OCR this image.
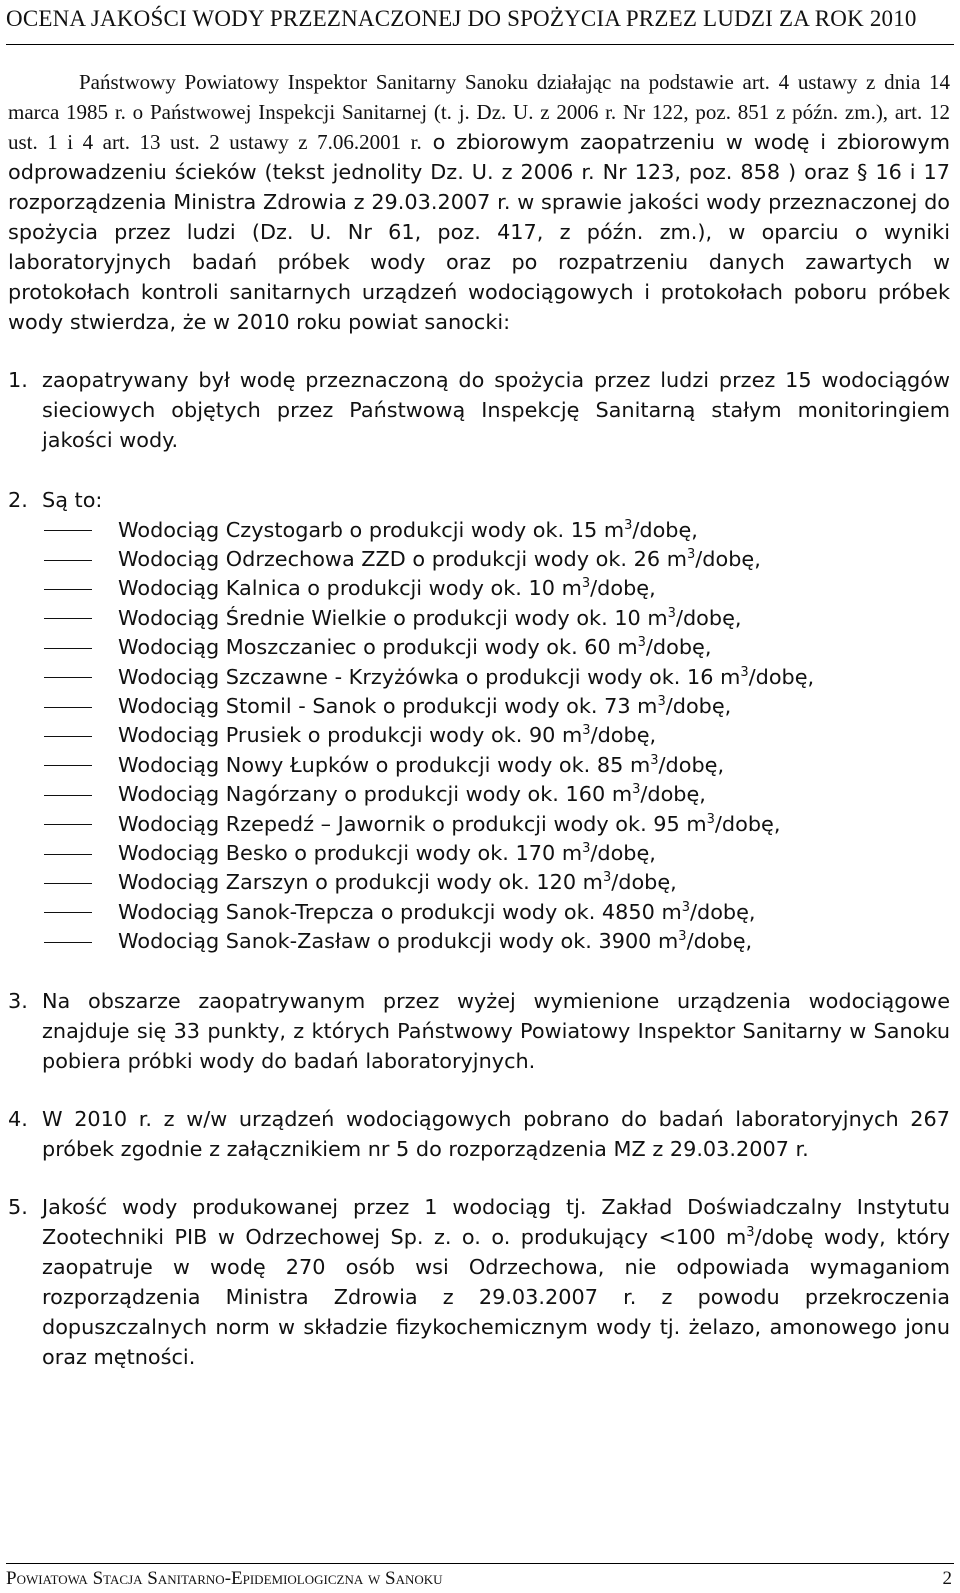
OCENA JAKOŚCI WODY PRZEZNACZONEJ DO SPOŻYCIA PRZEZ LUDZI ZA ROK 2010

Państwowy Powiatowy Inspektor Sanitarny Sanoku działając na podstawie art. 4 ustawy z dnia 14 marca 1985 r. o Państwowej Inspekcji Sanitarnej (t. j. Dz. U. z 2006 r. Nr 122, poz. 851 z późn. zm.), art. 12 ust. 1 i 4 art. 13 ust. 2 ustawy z 7.06.2001 r. o zbiorowym zaopatrzeniu w wodę i zbiorowym odprowadzeniu ścieków (tekst jednolity Dz. U. z 2006 r. Nr 123, poz. 858 ) oraz § 16 i 17 rozporządzenia Ministra Zdrowia z 29.03.2007 r. w sprawie jakości wody przeznaczonej do spożycia przez ludzi (Dz. U. Nr 61, poz. 417, z późn. zm.), w oparciu o wyniki laboratoryjnych badań próbek wody oraz po rozpatrzeniu danych zawartych w protokołach kontroli sanitarnych urządzeń wodociągowych i protokołach poboru próbek wody stwierdza, że w 2010 roku powiat sanocki:

1. zaopatrywany był wodę przeznaczoną do spożycia przez ludzi przez 15 wodociągów sieciowych objętych przez Państwową Inspekcję Sanitarną stałym monitoringiem jakości wody.
2. Są to:
Wodociąg Czystogarb o produkcji wody ok. 15 $m^3$/dobę,
Wodociąg Odrzechowa ZZD o produkcji wody ok. 26 $m^3$/dobę,
Wodociąg Kalnica o produkcji wody ok. 10 $m^3$/dobę,
Wodociąg Średnie Wielkie o produkcji wody ok. 10 $m^3$/dobę,
Wodociąg Moszczaniec o produkcji wody ok. 60 $m^3$/dobę,
Wodociąg Szczawne - Krzyżówka o produkcji wody ok. 16 $m^3$/dobę,
Wodociąg Stomil - Sanok o produkcji wody ok. 73 $m^3$/dobę,
Wodociąg Prusiek o produkcji wody ok. 90 $m^3$/dobę,
Wodociąg Nowy Łupków o produkcji wody ok. 85 $m^3$/dobę,
Wodociąg Nagórzany o produkcji wody ok. 160 $m^3$/dobę,
Wodociąg Rzepedź – Jawornik o produkcji wody ok. 95 $m^3$/dobę,
Wodociąg Besko o produkcji wody ok. 170 $m^3$/dobę,
Wodociąg Zarszyn o produkcji wody ok. 120 $m^3$/dobę,
Wodociąg Sanok-Trepcza o produkcji wody ok. 4850 $m^3$/dobę,
Wodociąg Sanok-Zasław o produkcji wody ok. 3900 $m^3$/dobę,
3. Na obszarze zaopatrywanym przez wyżej wymienione urządzenia wodociągowe znajduje się 33 punkty, z których Państwowy Powiatowy Inspektor Sanitarny w Sanoku pobiera próbki wody do badań laboratoryjnych.
4. W 2010 r. z w/w urządzeń wodociągowych pobrano do badań laboratoryjnych 267 próbek zgodnie z załącznikiem nr 5 do rozporządzenia MZ z 29.03.2007 r.
5. Jakość wody produkowanej przez 1 wodociąg tj. Zakład Doświadczalny Instytutu Zootechniki PIB w Odrzechowej Sp. z. o. o. produkujący <100 $m^3$/dobę wody, który zaopatruje w wodę 270 osób wsi Odrzechowa, nie odpowiada wymaganiom rozporządzenia Ministra Zdrowia z 29.03.2007 r. z powodu przekroczenia dopuszczalnych norm w składzie fizykochemicznym wody tj. żelazo, amonowego jonu oraz mętności.
Powiatowa Stacja Sanitarno-Epidemiologiczna w Sanoku	2
